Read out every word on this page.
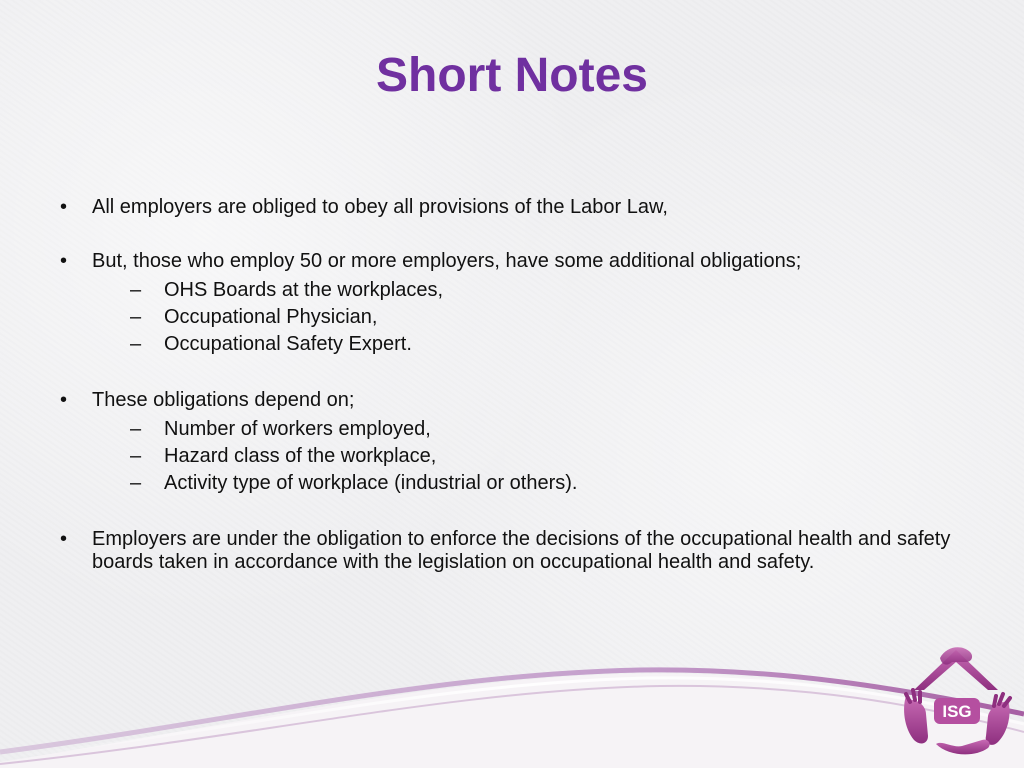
Short Notes
• All employers are obliged to obey all provisions of the Labor Law,
• But, those who employ 50 or more employers, have some additional obligations;
– OHS Boards at the workplaces,
– Occupational Physician,
– Occupational Safety Expert.
• These obligations depend on;
– Number of workers employed,
– Hazard class of the workplace,
– Activity type of workplace (industrial or others).
• Employers are under the obligation to enforce the decisions of the occupational health and safety boards taken in accordance with the legislation on occupational health and safety.
ISG
